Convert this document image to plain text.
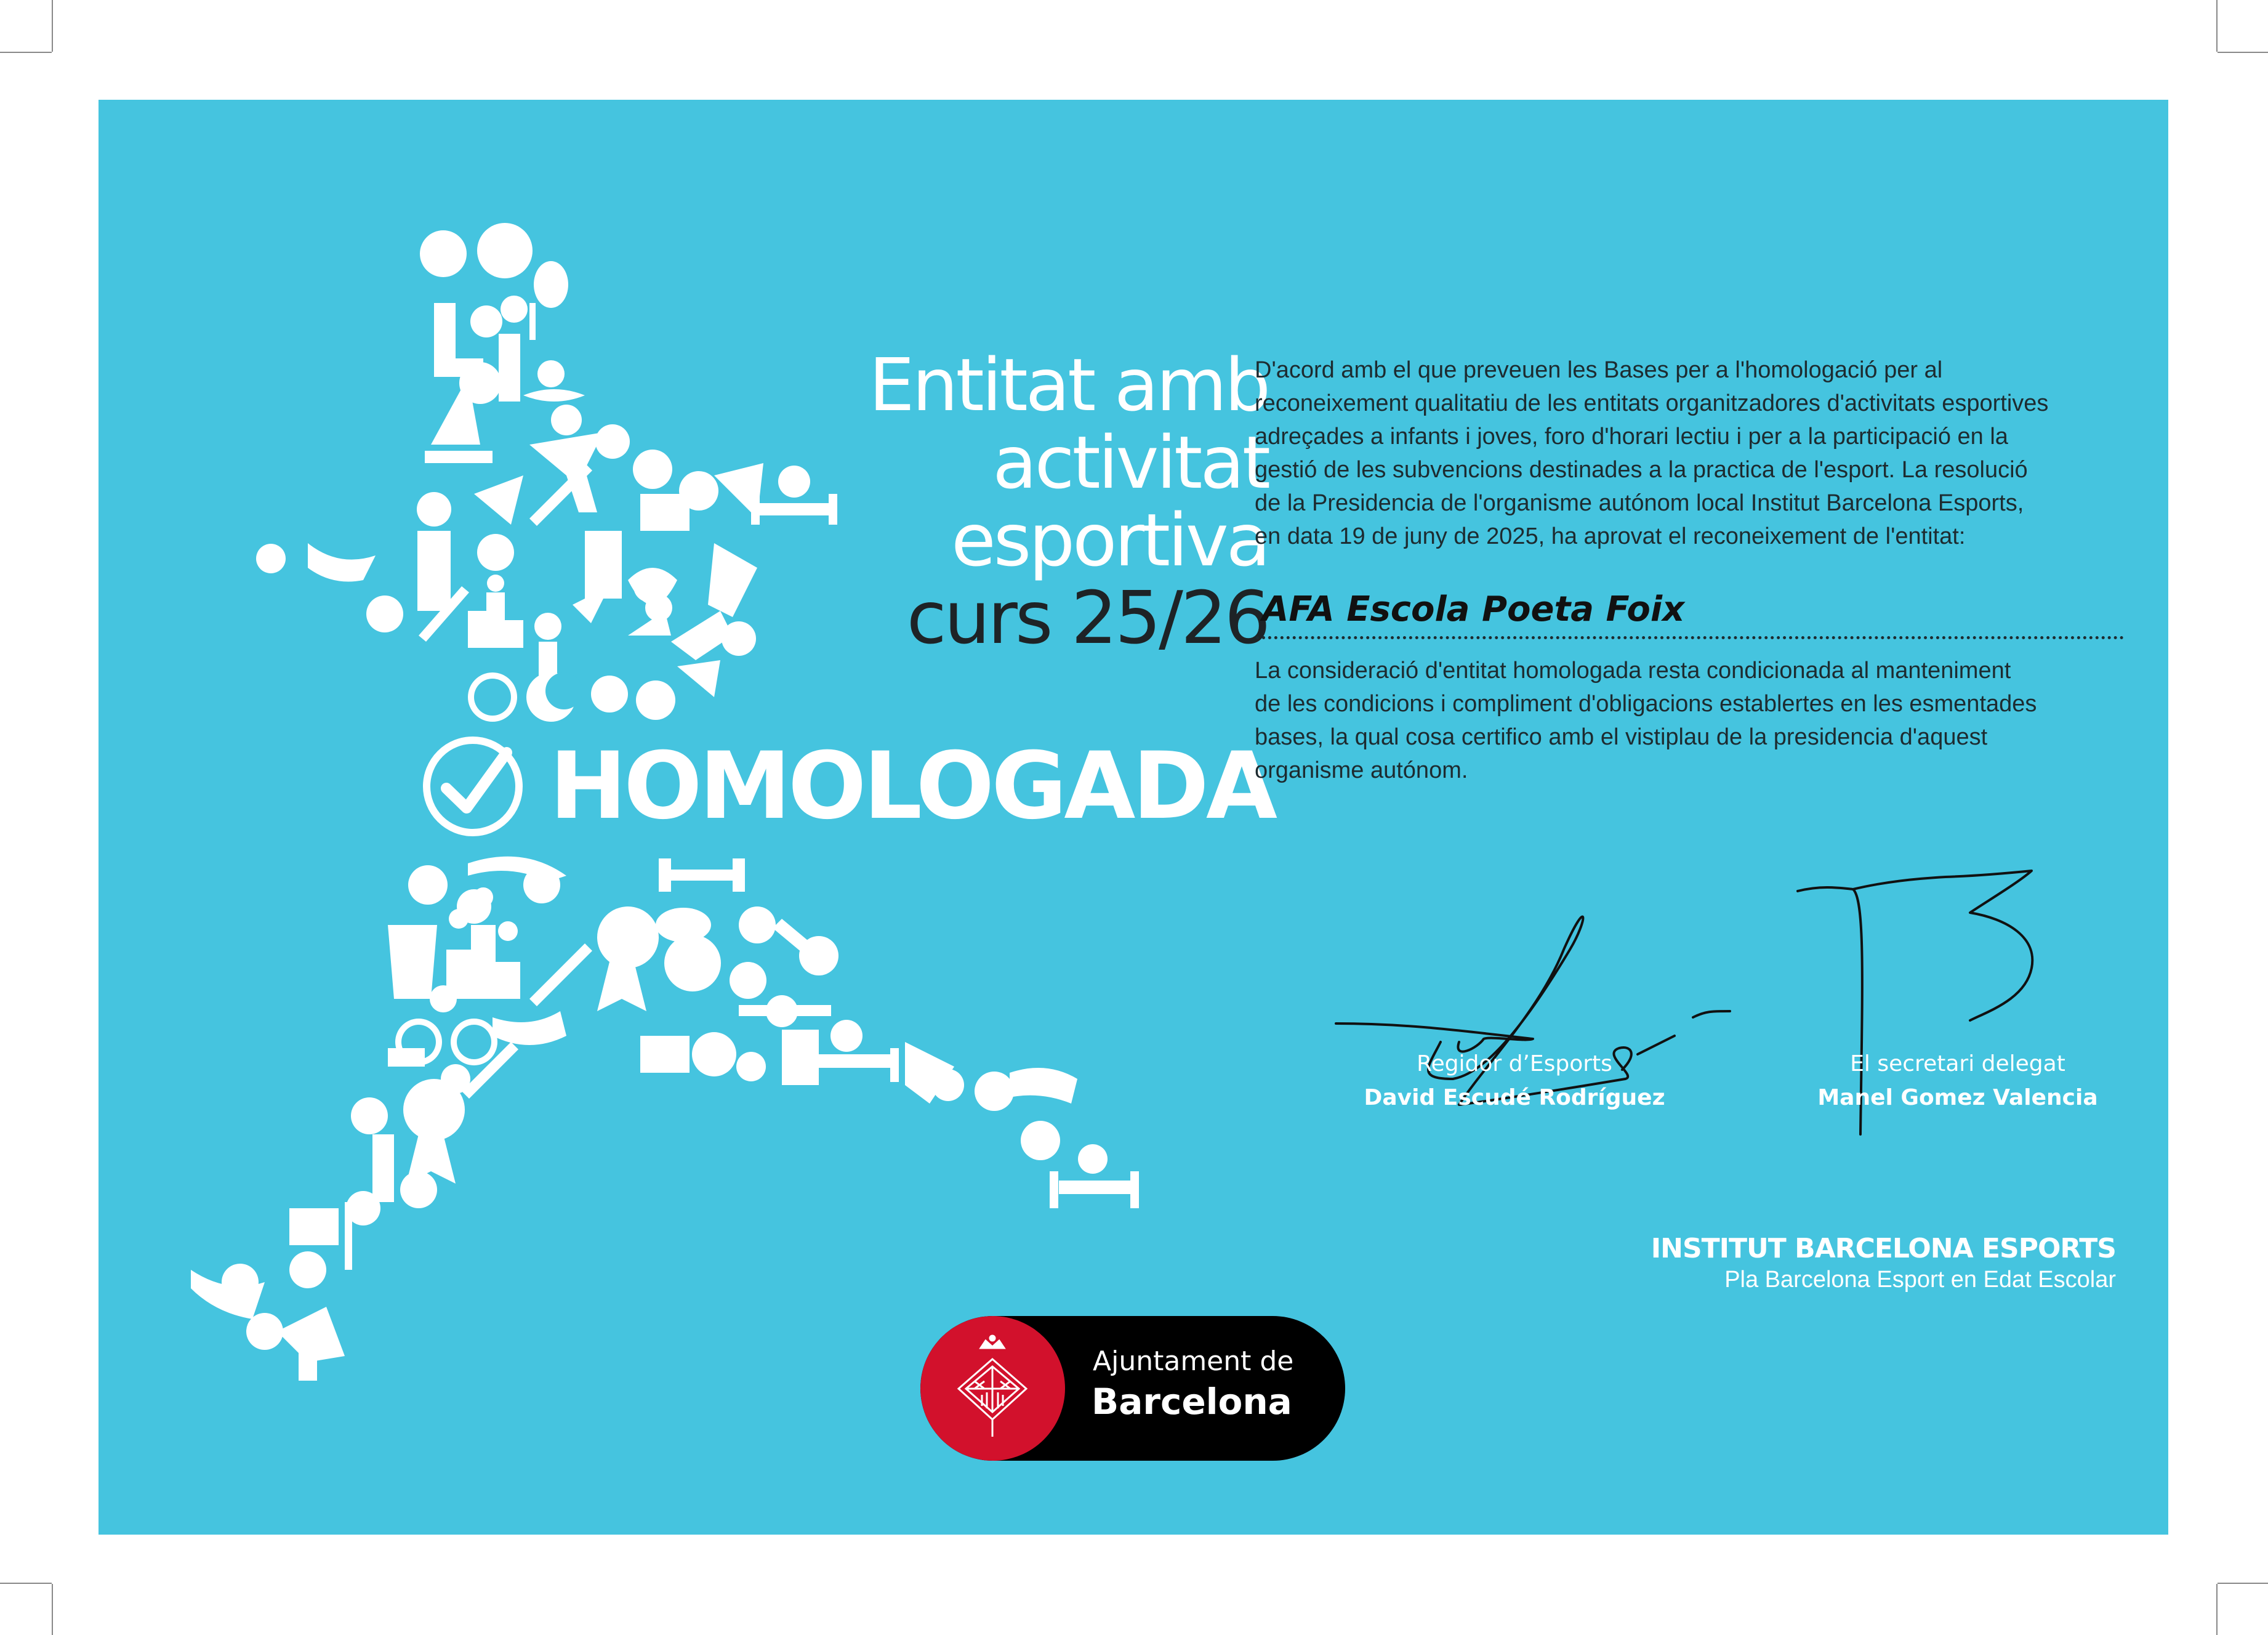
Entitat amb
activitat
esportiva
curs 25/26
HOMOLOGADA
D'acord amb el que preveuen les Bases per a l'homologació per al
reconeixement qualitatiu de les entitats organitzadores d'activitats esportives
adreçades a infants i joves, foro d'horari lectiu i per a la participació en la
gestió de les subvencions destinades a la practica de l'esport. La resolució
de la Presidencia de l'organisme autónom local Institut Barcelona Esports,
en data 19 de juny de 2025, ha aprovat el reconeixement de l'entitat:
AFA Escola Poeta Foix
La consideració d'entitat homologada resta condicionada al manteniment
de les condicions i compliment d'obligacions establertes en les esmentades
bases, la qual cosa certifico amb el vistiplau de la presidencia d'aquest
organisme autónom.
Regidor d’Esports
David Escudé Rodríguez
El secretari delegat
Manel Gomez Valencia
INSTITUT BARCELONA ESPORTS
Pla Barcelona Esport en Edat Escolar
Ajuntament de
Barcelona
